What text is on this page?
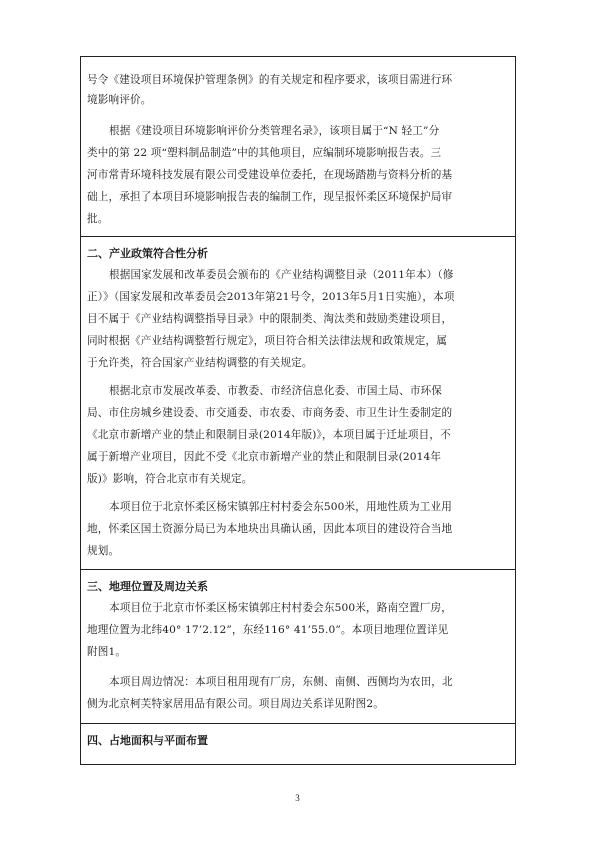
号令《建设项目环境保护管理条例》的有关规定和程序要求，该项目需进行环
境影响评价。
根据《建设项目环境影响评价分类管理名录》，该项目属于“N 轻工”分
类中的第 22 项“塑料制品制造”中的其他项目，应编制环境影响报告表。三
河市常青环境科技发展有限公司受建设单位委托，在现场踏勘与资料分析的基
础上，承担了本项目环境影响报告表的编制工作，现呈报怀柔区环境保护局审
批。
二、产业政策符合性分析
根据国家发展和改革委员会颁布的《产业结构调整目录（2011年本）（修
正）》（国家发展和改革委员会2013年第21号令，2013年5月1日实施），本项
目不属于《产业结构调整指导目录》中的限制类、淘汰类和鼓励类建设项目，
同时根据《产业结构调整暂行规定》，项目符合相关法律法规和政策规定，属
于允许类，符合国家产业结构调整的有关规定。
根据北京市发展改革委、市教委、市经济信息化委、市国土局、市环保
局、市住房城乡建设委、市交通委、市农委、市商务委、市卫生计生委制定的
《北京市新增产业的禁止和限制目录(2014年版)》，本项目属于迁址项目，不
属于新增产业项目，因此不受《北京市新增产业的禁止和限制目录(2014年
版)》影响，符合北京市有关规定。
本项目位于北京怀柔区杨宋镇郭庄村村委会东500米，用地性质为工业用
地，怀柔区国土资源分局已为本地块出具确认函，因此本项目的建设符合当地
规划。
三、地理位置及周边关系
本项目位于北京市怀柔区杨宋镇郭庄村村委会东500米，路南空置厂房，
地理位置为北纬40° 17’2.12”，东经116° 41’55.0”。本项目地理位置详见
附图1。
本项目周边情况：本项目租用现有厂房，东侧、南侧、西侧均为农田，北
侧为北京柯芙特家居用品有限公司。项目周边关系详见附图2。
四、占地面积与平面布置
3
